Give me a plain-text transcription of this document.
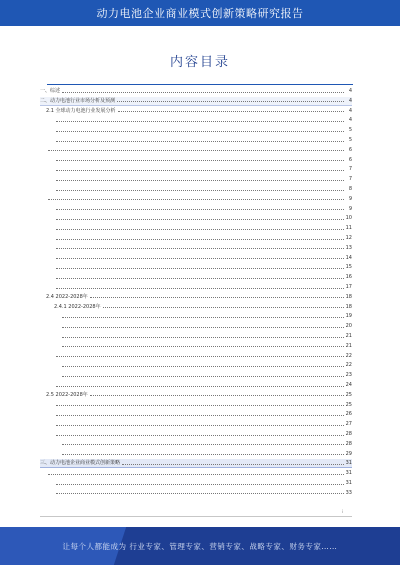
动力电池企业商业模式创新策略研究报告
内容目录
一、综述	4
二、动力电池行业市场分析及预测	4
2.1 全球动力电池行业发展分析	4
4
5
5
6
6
7
7
8
9
9
10
11
12
13
14
15
16
17
2.4 2022-2028年	18
2.4.1 2022-2028年	18
19
20
21
21
22
22
23
24
2.5 2022-2028年	25
25
26
27
28
28
29
三、动力电池企业商业模式创新策略	31
31
31
33
i
让每个人都能成为 行业专家、管理专家、营销专家、战略专家、财务专家……
